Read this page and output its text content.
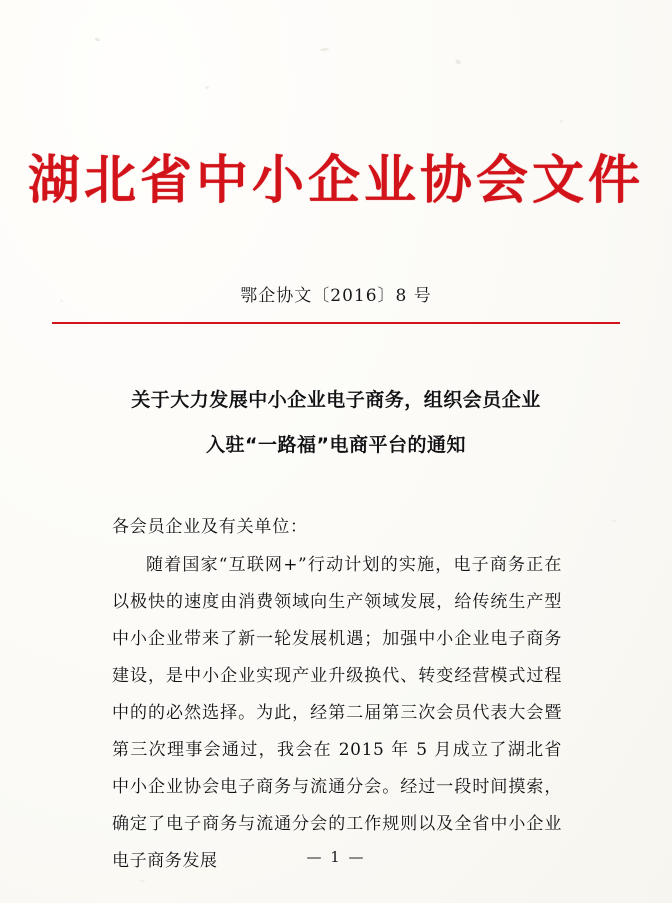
湖北省中小企业协会文件
鄂企协文〔2016〕8 号
关于大力发展中小企业电子商务，组织会员企业
入驻“一路福”电商平台的通知
各会员企业及有关单位：

随着国家“互联网+”行动计划的实施，电子商务正在以极快的速度由消费领域向生产领域发展，给传统生产型中小企业带来了新一轮发展机遇；加强中小企业电子商务建设，是中小企业实现产业升级换代、转变经营模式过程中的的必然选择。为此，经第二届第三次会员代表大会暨第三次理事会通过，我会在 2015 年 5 月成立了湖北省中小企业协会电子商务与流通分会。经过一段时间摸索，确定了电子商务与流通分会的工作规则以及全省中小企业电子商务发展	— 1 —
